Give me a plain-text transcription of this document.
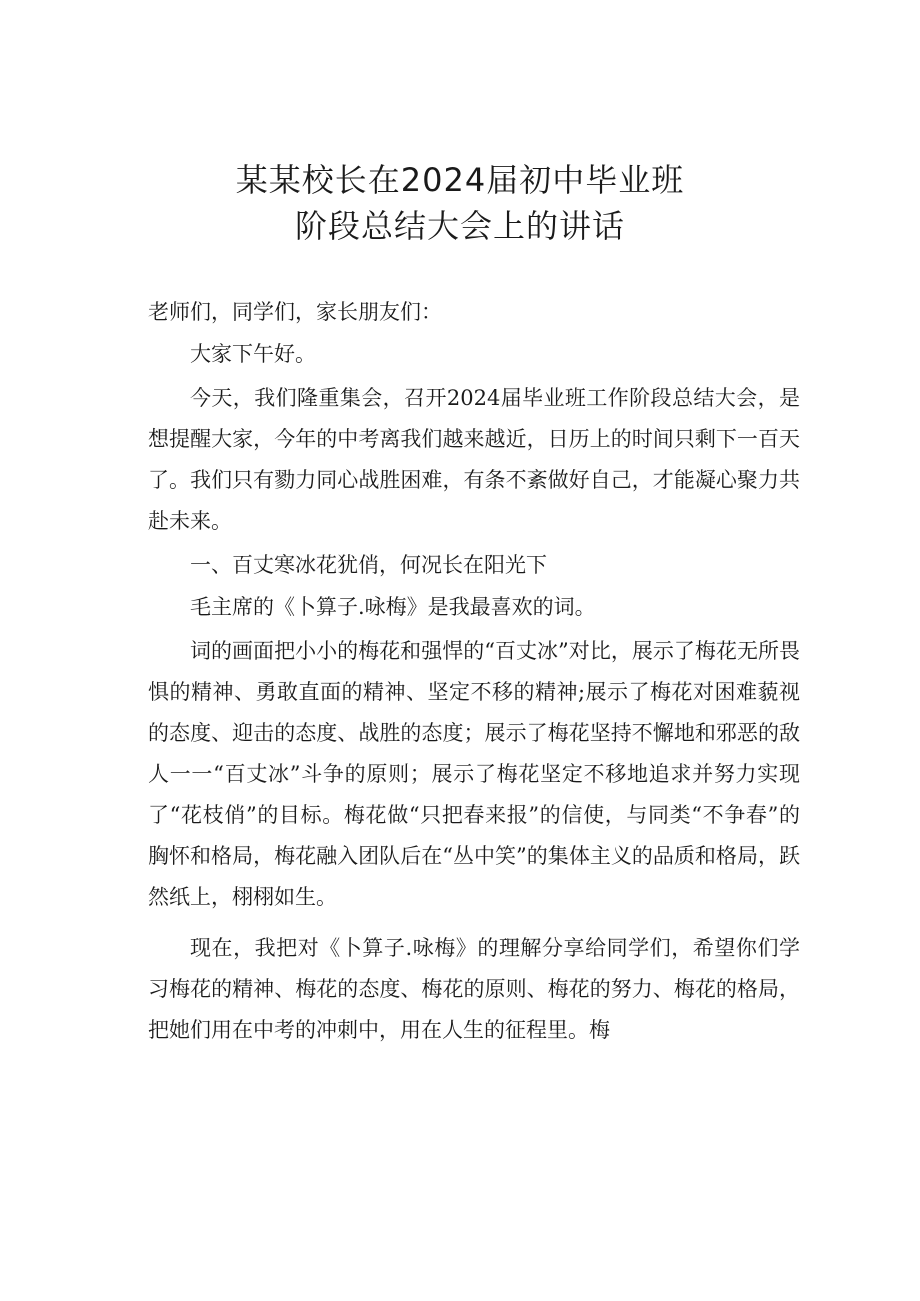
某某校长在2024届初中毕业班
阶段总结大会上的讲话

老师们，同学们，家长朋友们：

大家下午好。

今天，我们隆重集会，召开2024届毕业班工作阶段总结大会，是想提醒大家，今年的中考离我们越来越近，日历上的时间只剩下一百天了。我们只有勠力同心战胜困难，有条不紊做好自己，才能凝心聚力共赴未来。

一、百丈寒冰花犹俏，何况长在阳光下

毛主席的《卜算子.咏梅》是我最喜欢的词。

词的画面把小小的梅花和强悍的“百丈冰”对比，展示了梅花无所畏惧的精神、勇敢直面的精神、坚定不移的精神;展示了梅花对困难藐视的态度、迎击的态度、战胜的态度；展示了梅花坚持不懈地和邪恶的敌人一一“百丈冰”斗争的原则；展示了梅花坚定不移地追求并努力实现了“花枝俏”的目标。梅花做“只把春来报”的信使，与同类“不争春”的胸怀和格局，梅花融入团队后在“丛中笑”的集体主义的品质和格局，跃然纸上，栩栩如生。

现在，我把对《卜算子.咏梅》的理解分享给同学们，希望你们学习梅花的精神、梅花的态度、梅花的原则、梅花的努力、梅花的格局，把她们用在中考的冲刺中，用在人生的征程里。梅
